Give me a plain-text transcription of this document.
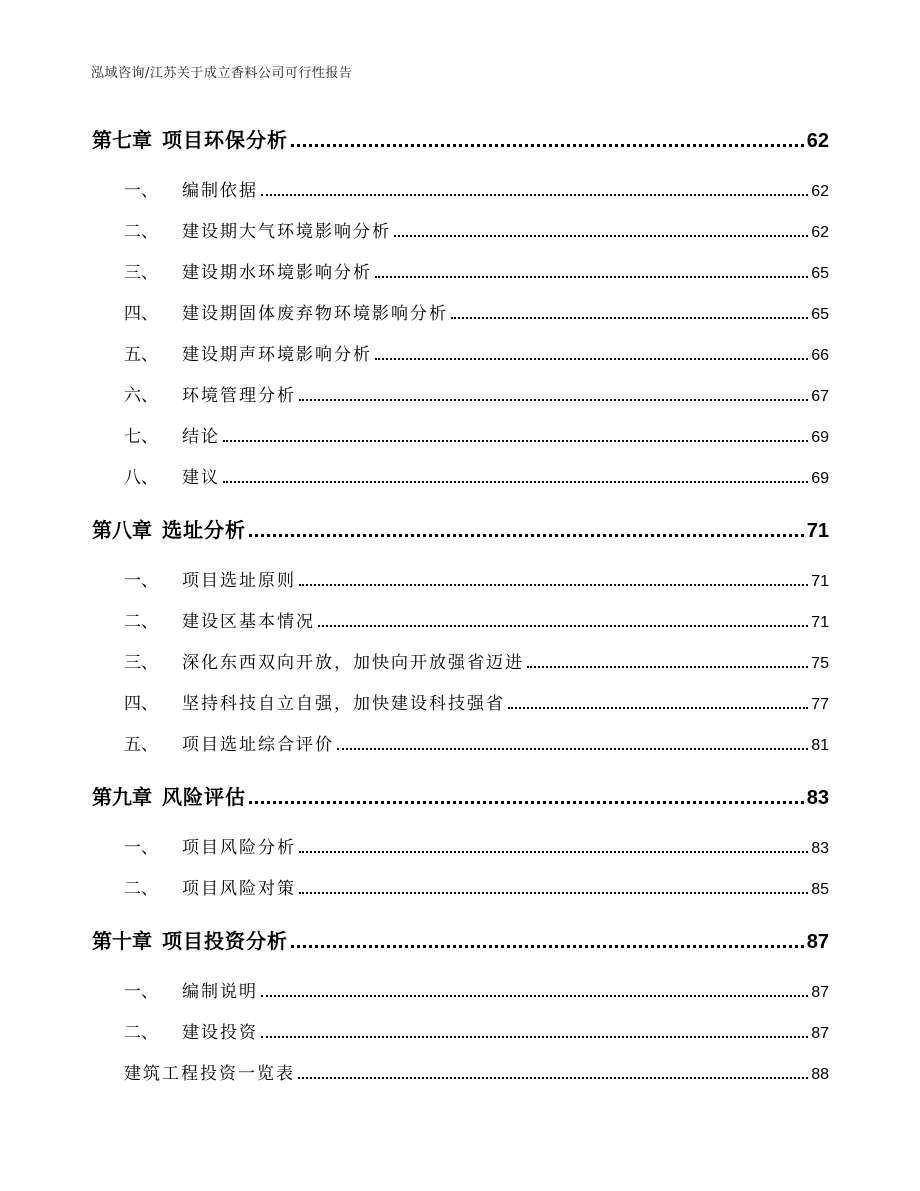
泓域咨询/江苏关于成立香料公司可行性报告
第七章 项目环保分析	62
一、 编制依据	62
二、 建设期大气环境影响分析	62
三、 建设期水环境影响分析	65
四、 建设期固体废弃物环境影响分析	65
五、 建设期声环境影响分析	66
六、 环境管理分析	67
七、 结论	69
八、 建议	69
第八章 选址分析	71
一、 项目选址原则	71
二、 建设区基本情况	71
三、 深化东西双向开放，加快向开放强省迈进	75
四、 坚持科技自立自强，加快建设科技强省	77
五、 项目选址综合评价	81
第九章 风险评估	83
一、 项目风险分析	83
二、 项目风险对策	85
第十章 项目投资分析	87
一、 编制说明	87
二、 建设投资	87
建筑工程投资一览表	88
